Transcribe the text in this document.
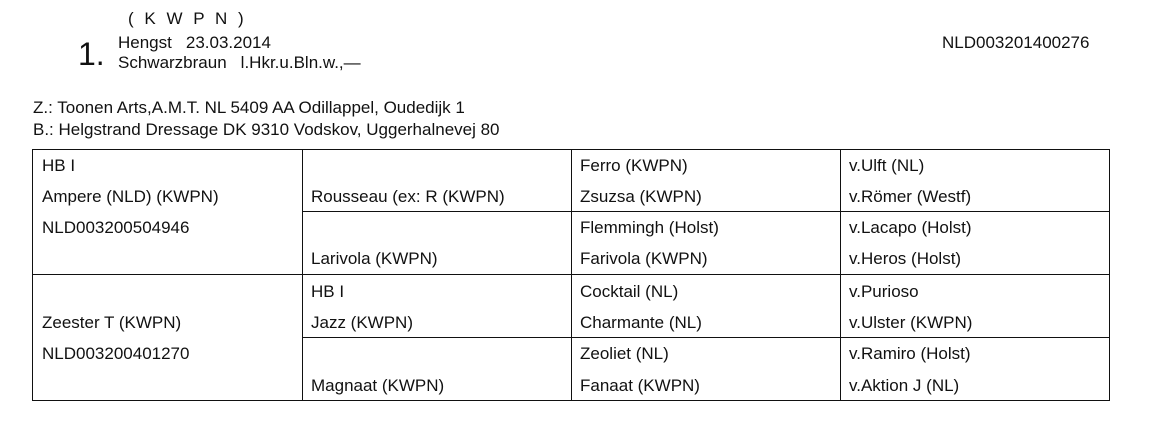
( K W P N )
1. Hengst 23.03.2014
Schwarzbraun l.Hkr.u.Bln.w.,—
NLD003201400276
Z.: Toonen Arts,A.M.T. NL 5409 AA Odillappel, Oudedijk 1
B.: Helgstrand Dressage DK 9310 Vodskov, Uggerhalnevej 80
HB I
Ampere (NLD) (KWPN)
NLD003200504946
Zeester T (KWPN)
NLD003200401270
Rousseau (ex: R (KWPN)
Larivola (KWPN)
HB I
Jazz (KWPN)
Magnaat (KWPN)
Ferro (KWPN)
Zsuzsa (KWPN)
Flemmingh (Holst)
Farivola (KWPN)
Cocktail (NL)
Charmante (NL)
Zeoliet (NL)
Fanaat (KWPN)
v.Ulft (NL)
v.Römer (Westf)
v.Lacapo (Holst)
v.Heros (Holst)
v.Purioso
v.Ulster (KWPN)
v.Ramiro (Holst)
v.Aktion J (NL)
